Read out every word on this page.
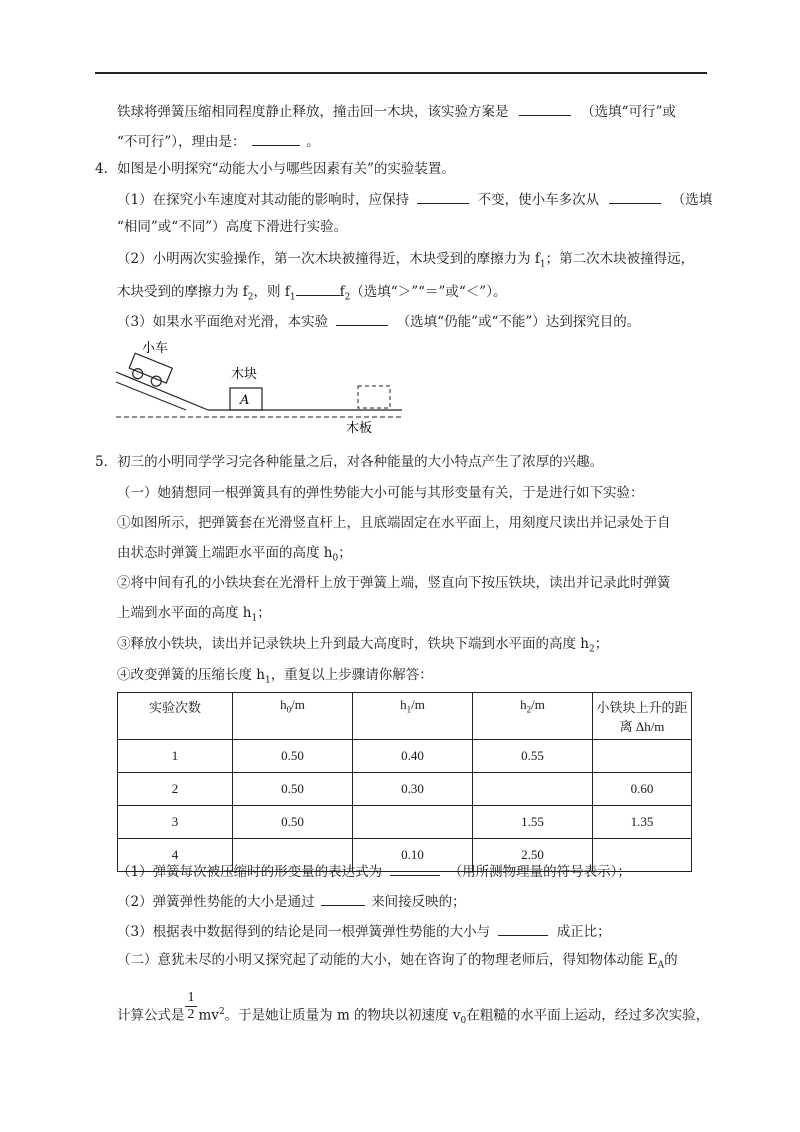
铁球将弹簧压缩相同程度静止释放，撞击回一木块，该实验方案是	（选填“可行”或
“不可行”），理由是：	。
4．如图是小明探究“动能大小与哪些因素有关”的实验装置。
（1）在探究小车速度对其动能的影响时，应保持	不变，使小车多次从	（选填
“相同”或“不同”）高度下滑进行实验。
（2）小明两次实验操作，第一次木块被撞得近，木块受到的摩擦力为 $f_1$；第二次木块被撞得远，
木块受到的摩擦力为 $f_2$，则 $f_1$	$f_2$（选填“＞”“＝”或“＜”）。
（3）如果水平面绝对光滑，本实验	（选填“仍能”或“不能”）达到探究目的。
小车
A
木块
木板
5．初三的小明同学学习完各种能量之后，对各种能量的大小特点产生了浓厚的兴趣。
（一）她猜想同一根弹簧具有的弹性势能大小可能与其形变量有关，于是进行如下实验：
①如图所示，把弹簧套在光滑竖直杆上，且底端固定在水平面上，用刻度尺读出并记录处于自
由状态时弹簧上端距水平面的高度 $h_0$；
②将中间有孔的小铁块套在光滑杆上放于弹簧上端，竖直向下按压铁块，读出并记录此时弹簧
上端到水平面的高度 $h_1$；
③释放小铁块，读出并记录铁块上升到最大高度时，铁块下端到水平面的高度 $h_2$；
④改变弹簧的压缩长度 $h_1$，重复以上步骤请你解答：
实验次数	$h_0/m$	$h_1/m$	$h_2/m$	小铁块上升的距
离 Δh/m
1	0.50	0.40	0.55	
2	0.50	0.30		0.60
3	0.50		1.55	1.35
4		0.10	2.50	
（1）弹簧每次被压缩时的形变量的表达式为	（用所测物理量的符号表示）；
（2）弹簧弹性势能的大小是通过	来间接反映的；
（3）根据表中数据得到的结论是同一根弹簧弹性势能的大小与	成正比；
（二）意犹未尽的小明又探究起了动能的大小，她在咨询了的物理老师后，得知物体动能 $E_A$的
计算公式是 $mv^2$。于是她让质量为 m 的物块以初速度 $v_0$在粗糙的水平面上运动，经过多次实验，
$\frac{1}{2}$
